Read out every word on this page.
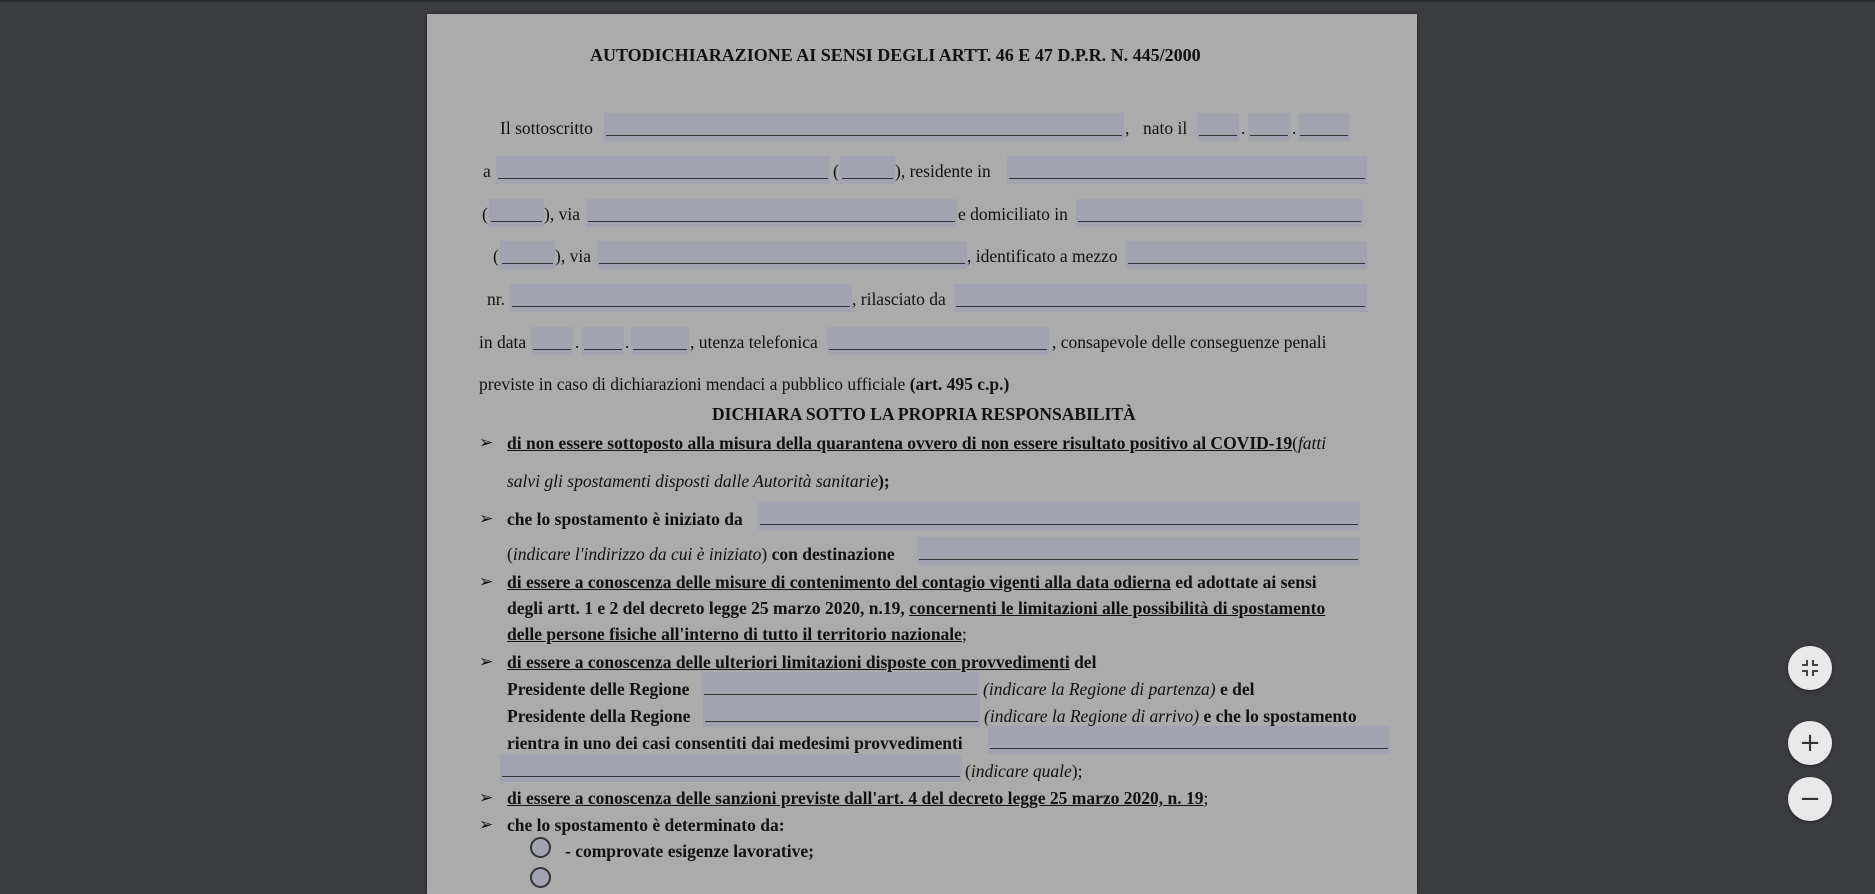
AUTODICHIARAZIONE AI SENSI DEGLI ARTT. 46 E 47 D.P.R. N. 445/2000
Il sottoscritto	, nato il	.	.
a	(	), residente in
(	), via	e domiciliato in
(	), via	, identificato a mezzo
nr.	, rilasciato da
in data	.	.	, utenza telefonica	, consapevole delle conseguenze penali
previste in caso di dichiarazioni mendaci a pubblico ufficiale (art. 495 c.p.)
DICHIARA SOTTO LA PROPRIA RESPONSABILITÀ
➢ di non essere sottoposto alla misura della quarantena ovvero di non essere risultato positivo al COVID-19(fatti
salvi gli spostamenti disposti dalle Autorità sanitarie);
➢ che lo spostamento è iniziato da
(indicare l'indirizzo da cui è iniziato) con destinazione
➢ di essere a conoscenza delle misure di contenimento del contagio vigenti alla data odierna ed adottate ai sensi
degli artt. 1 e 2 del decreto legge 25 marzo 2020, n.19, concernenti le limitazioni alle possibilità di spostamento
delle persone fisiche all'interno di tutto il territorio nazionale;
➢ di essere a conoscenza delle ulteriori limitazioni disposte con provvedimenti del
Presidente delle Regione	(indicare la Regione di partenza) e del
Presidente della Regione	(indicare la Regione di arrivo) e che lo spostamento
rientra in uno dei casi consentiti dai medesimi provvedimenti
(indicare quale);
➢ di essere a conoscenza delle sanzioni previste dall'art. 4 del decreto legge 25 marzo 2020, n. 19;
➢ che lo spostamento è determinato da:
- comprovate esigenze lavorative;
+
−
